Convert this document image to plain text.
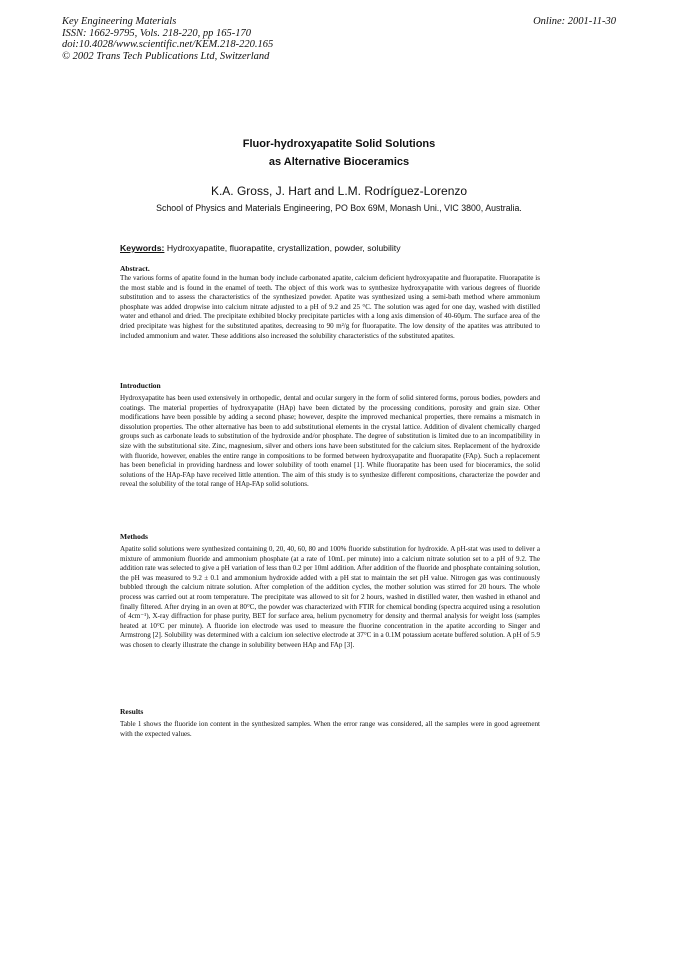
Key Engineering Materials
ISSN: 1662-9795, Vols. 218-220, pp 165-170
doi:10.4028/www.scientific.net/KEM.218-220.165
© 2002 Trans Tech Publications Ltd, Switzerland
Online: 2001-11-30
Fluor-hydroxyapatite Solid Solutions
as Alternative Bioceramics
K.A. Gross, J. Hart and L.M. Rodríguez-Lorenzo
School of Physics and Materials Engineering, PO Box 69M, Monash Uni., VIC 3800, Australia.
Keywords: Hydroxyapatite, fluorapatite, crystallization, powder, solubility

Abstract.

The various forms of apatite found in the human body include carbonated apatite, calcium deficient hydroxyapatite and fluorapatite. Fluorapatite is the most stable and is found in the enamel of teeth. The object of this work was to synthesize hydroxyapatite with various degrees of fluoride substitution and to assess the characteristics of the synthesized powder. Apatite was synthesized using a semi-bath method where ammonium phosphate was added dropwise into calcium nitrate adjusted to a pH of 9.2 and 25 °C. The solution was aged for one day, washed with distilled water and ethanol and dried. The precipitate exhibited blocky precipitate particles with a long axis dimension of 40-60μm. The surface area of the dried precipitate was highest for the substituted apatites, decreasing to 90 m²/g for fluorapatite. The low density of the apatites was attributed to included ammonium and water. These additions also increased the solubility characteristics of the substituted apatites.

Introduction

Hydroxyapatite has been used extensively in orthopedic, dental and ocular surgery in the form of solid sintered forms, porous bodies, powders and coatings. The material properties of hydroxyapatite (HAp) have been dictated by the processing conditions, porosity and grain size. Other modifications have been possible by adding a second phase; however, despite the improved mechanical properties, there remains a mismatch in dissolution properties. The other alternative has been to add substitutional elements in the crystal lattice. Addition of divalent chemically charged groups such as carbonate leads to substitution of the hydroxide and/or phosphate. The degree of substitution is limited due to an incompatibility in size with the substitutional site. Zinc, magnesium, silver and others ions have been substituted for the calcium sites. Replacement of the hydroxide with fluoride, however, enables the entire range in compositions to be formed between hydroxyapatite and fluorapatite (FAp). Such a replacement has been beneficial in providing hardness and lower solubility of tooth enamel [1]. While fluorapatite has been used for bioceramics, the solid solutions of the HAp-FAp have received little attention. The aim of this study is to synthesize different compositions, characterize the powder and reveal the solubility of the total range of HAp-FAp solid solutions.

Methods

Apatite solid solutions were synthesized containing 0, 20, 40, 60, 80 and 100% fluoride substitution for hydroxide. A pH-stat was used to deliver a mixture of ammonium fluoride and ammonium phosphate (at a rate of 10mL per minute) into a calcium nitrate solution set to a pH of 9.2. The addition rate was selected to give a pH variation of less than 0.2 per 10ml addition. After addition of the fluoride and phosphate containing solution, the pH was measured to 9.2 ± 0.1 and ammonium hydroxide added with a pH stat to maintain the set pH value. Nitrogen gas was continuously bubbled through the calcium nitrate solution. After completion of the addition cycles, the mother solution was stirred for 20 hours. The whole process was carried out at room temperature. The precipitate was allowed to sit for 2 hours, washed in distilled water, then washed in ethanol and finally filtered. After drying in an oven at 80°C, the powder was characterized with FTIR for chemical bonding (spectra acquired using a resolution of 4cm⁻¹), X-ray diffraction for phase purity, BET for surface area, helium pycnometry for density and thermal analysis for weight loss (samples heated at 10°C per minute). A fluoride ion electrode was used to measure the fluorine concentration in the apatite according to Singer and Armstrong [2]. Solubility was determined with a calcium ion selective electrode at 37°C in a 0.1M potassium acetate buffered solution. A pH of 5.9 was chosen to clearly illustrate the change in solubility between HAp and FAp [3].

Results

Table 1 shows the fluoride ion content in the synthesized samples. When the error range was considered, all the samples were in good agreement with the expected values.
